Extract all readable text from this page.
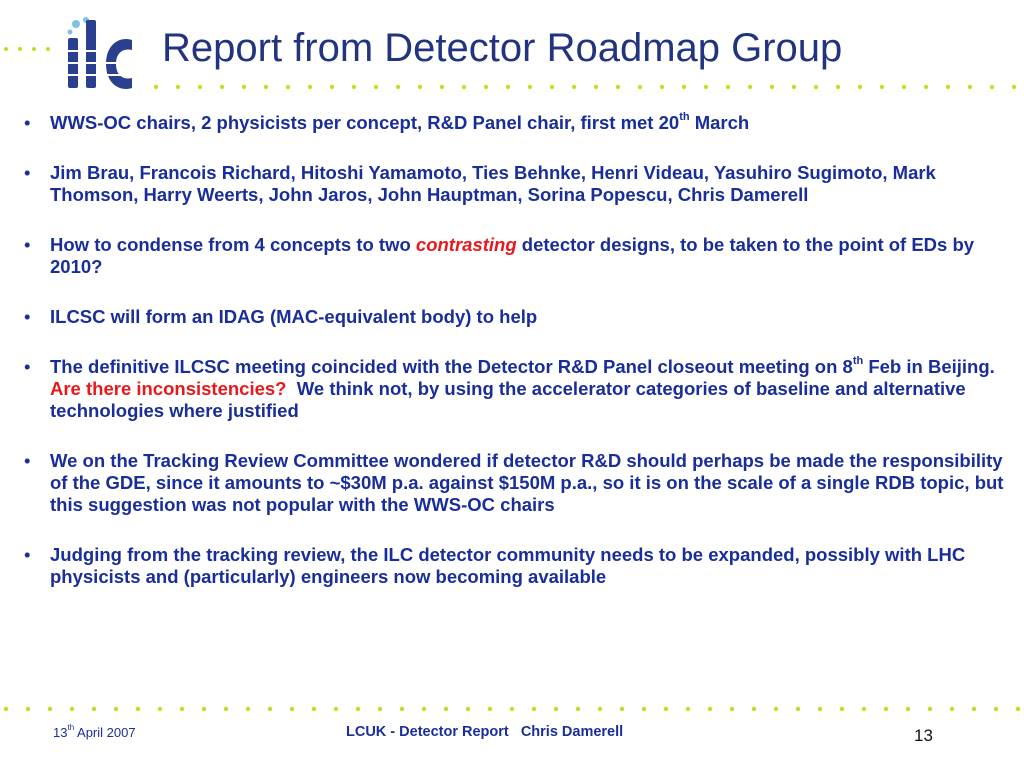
Report from Detector Roadmap Group
• WWS-OC chairs, 2 physicists per concept, R&D Panel chair, first met 20th March
• Jim Brau, Francois Richard, Hitoshi Yamamoto, Ties Behnke, Henri Videau, Yasuhiro Sugimoto, Mark Thomson, Harry Weerts, John Jaros, John Hauptman, Sorina Popescu, Chris Damerell
• How to condense from 4 concepts to two contrasting detector designs, to be taken to the point of EDs by 2010?
• ILCSC will form an IDAG (MAC-equivalent body) to help
• The definitive ILCSC meeting coincided with the Detector R&D Panel closeout meeting on 8th Feb in Beijing.  Are there inconsistencies?  We think not, by using the accelerator categories of baseline and alternative technologies where justified
• We on the Tracking Review Committee wondered if detector R&D should perhaps be made the responsibility of the GDE, since it amounts to ~$30M p.a. against $150M p.a., so it is on the scale of a single RDB topic, but this suggestion was not popular with the WWS-OC chairs
• Judging from the tracking review, the ILC detector community needs to be expanded, possibly with LHC physicists and (particularly) engineers now becoming available
13th April 2007	LCUK - Detector Report   Chris Damerell	13
